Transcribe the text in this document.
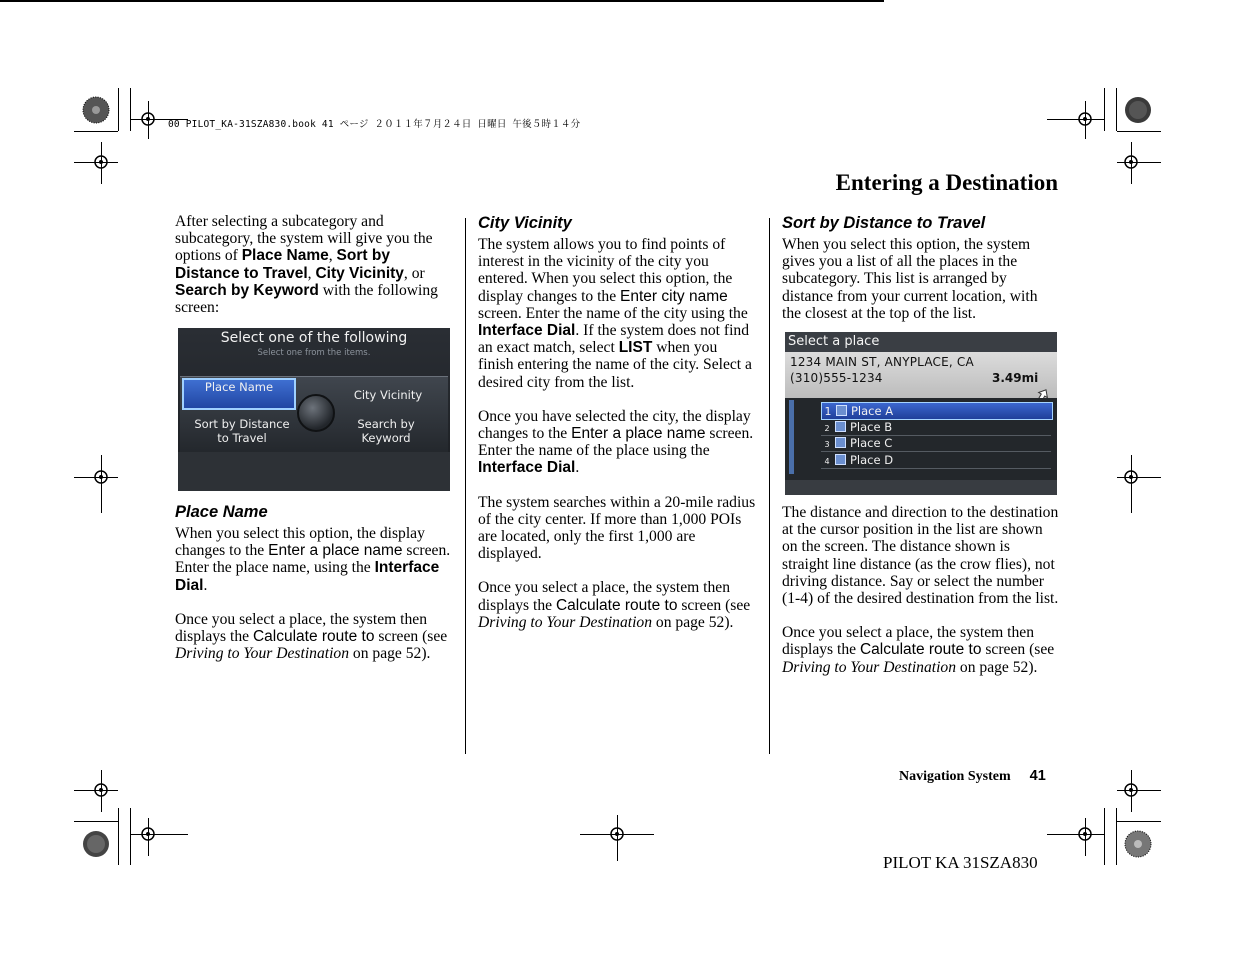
00 PILOT_KA-31SZA830.book 41 ページ ２０１１年７月２４日 日曜日 午後５時１４分
Entering a Destination

After selecting a subcategory and subcategory, the system will give you the options of Place Name, Sort by Distance to Travel, City Vicinity, or Search by Keyword with the following screen:

Select one of the following
Select one from the items.
Place Name
City Vicinity
Sort by Distance
to Travel
Search by
Keyword

Place Name

When you select this option, the display changes to the Enter a place name screen. Enter the place name, using the Interface Dial.

Once you select a place, the system then displays the Calculate route to screen (see Driving to Your Destination on page 52).

City Vicinity

The system allows you to find points of interest in the vicinity of the city you entered. When you select this option, the display changes to the Enter city name screen. Enter the name of the city using the Interface Dial. If the system does not find an exact match, select LIST when you finish entering the name of the city. Select a desired city from the list.

Once you have selected the city, the display changes to the Enter a place name screen. Enter the name of the place using the Interface Dial.

The system searches within a 20-mile radius of the city center. If more than 1,000 POIs are located, only the first 1,000 are displayed.

Once you select a place, the system then displays the Calculate route to screen (see Driving to Your Destination on page 52).

Sort by Distance to Travel

When you select this option, the system gives you a list of all the places in the subcategory. This list is arranged by distance from your current location, with the closest at the top of the list.

Select a place
1234 MAIN ST, ANYPLACE, CA
(310)555-1234	3.49mi
1 Place A
2 Place B
3 Place C
4 Place D

The distance and direction to the destination at the cursor position in the list are shown on the screen. The distance shown is straight line distance (as the crow flies), not driving distance. Say or select the number (1-4) of the desired destination from the list.

Once you select a place, the system then displays the Calculate route to screen (see Driving to Your Destination on page 52).

Navigation System 41
PILOT KA 31SZA830
